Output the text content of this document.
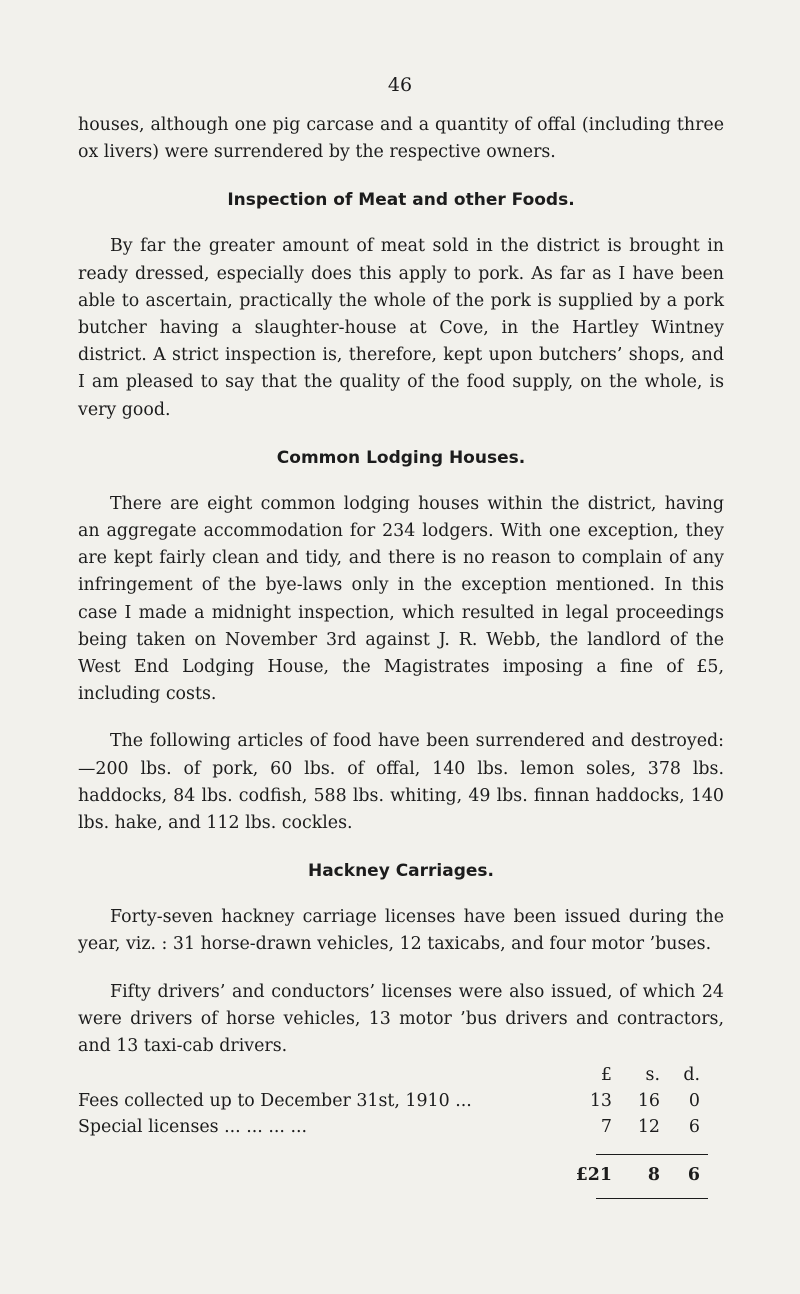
46

houses, although one pig carcase and a quantity of offal (including three ox livers) were surrendered by the respective owners.

Inspection of Meat and other Foods.

By far the greater amount of meat sold in the district is brought in ready dressed, especially does this apply to pork. As far as I have been able to ascertain, practically the whole of the pork is supplied by a pork butcher having a slaughter-house at Cove, in the Hartley Wintney district. A strict inspection is, therefore, kept upon butchers’ shops, and I am pleased to say that the quality of the food supply, on the whole, is very good.

Common Lodging Houses.

There are eight common lodging houses within the district, having an aggregate accommodation for 234 lodgers. With one exception, they are kept fairly clean and tidy, and there is no reason to complain of any infringement of the bye-laws only in the exception mentioned. In this case I made a midnight inspection, which resulted in legal proceedings being taken on November 3rd against J. R. Webb, the landlord of the West End Lodging House, the Magistrates imposing a fine of £5, including costs.

The following articles of food have been surrendered and destroyed:—200 lbs. of pork, 60 lbs. of offal, 140 lbs. lemon soles, 378 lbs. haddocks, 84 lbs. codfish, 588 lbs. whiting, 49 lbs. finnan haddocks, 140 lbs. hake, and 112 lbs. cockles.

Hackney Carriages.

Forty-seven hackney carriage licenses have been issued during the year, viz. : 31 horse-drawn vehicles, 12 taxicabs, and four motor ’buses.

Fifty drivers’ and conductors’ licenses were also issued, of which 24 were drivers of horse vehicles, 13 motor ’bus drivers and contractors, and 13 taxi-cab drivers.

£	s.	d.
Fees collected up to December 31st, 1910 ...	13	16	0
Special licenses ... ... ... ...	7	12	6
£21	8	6
